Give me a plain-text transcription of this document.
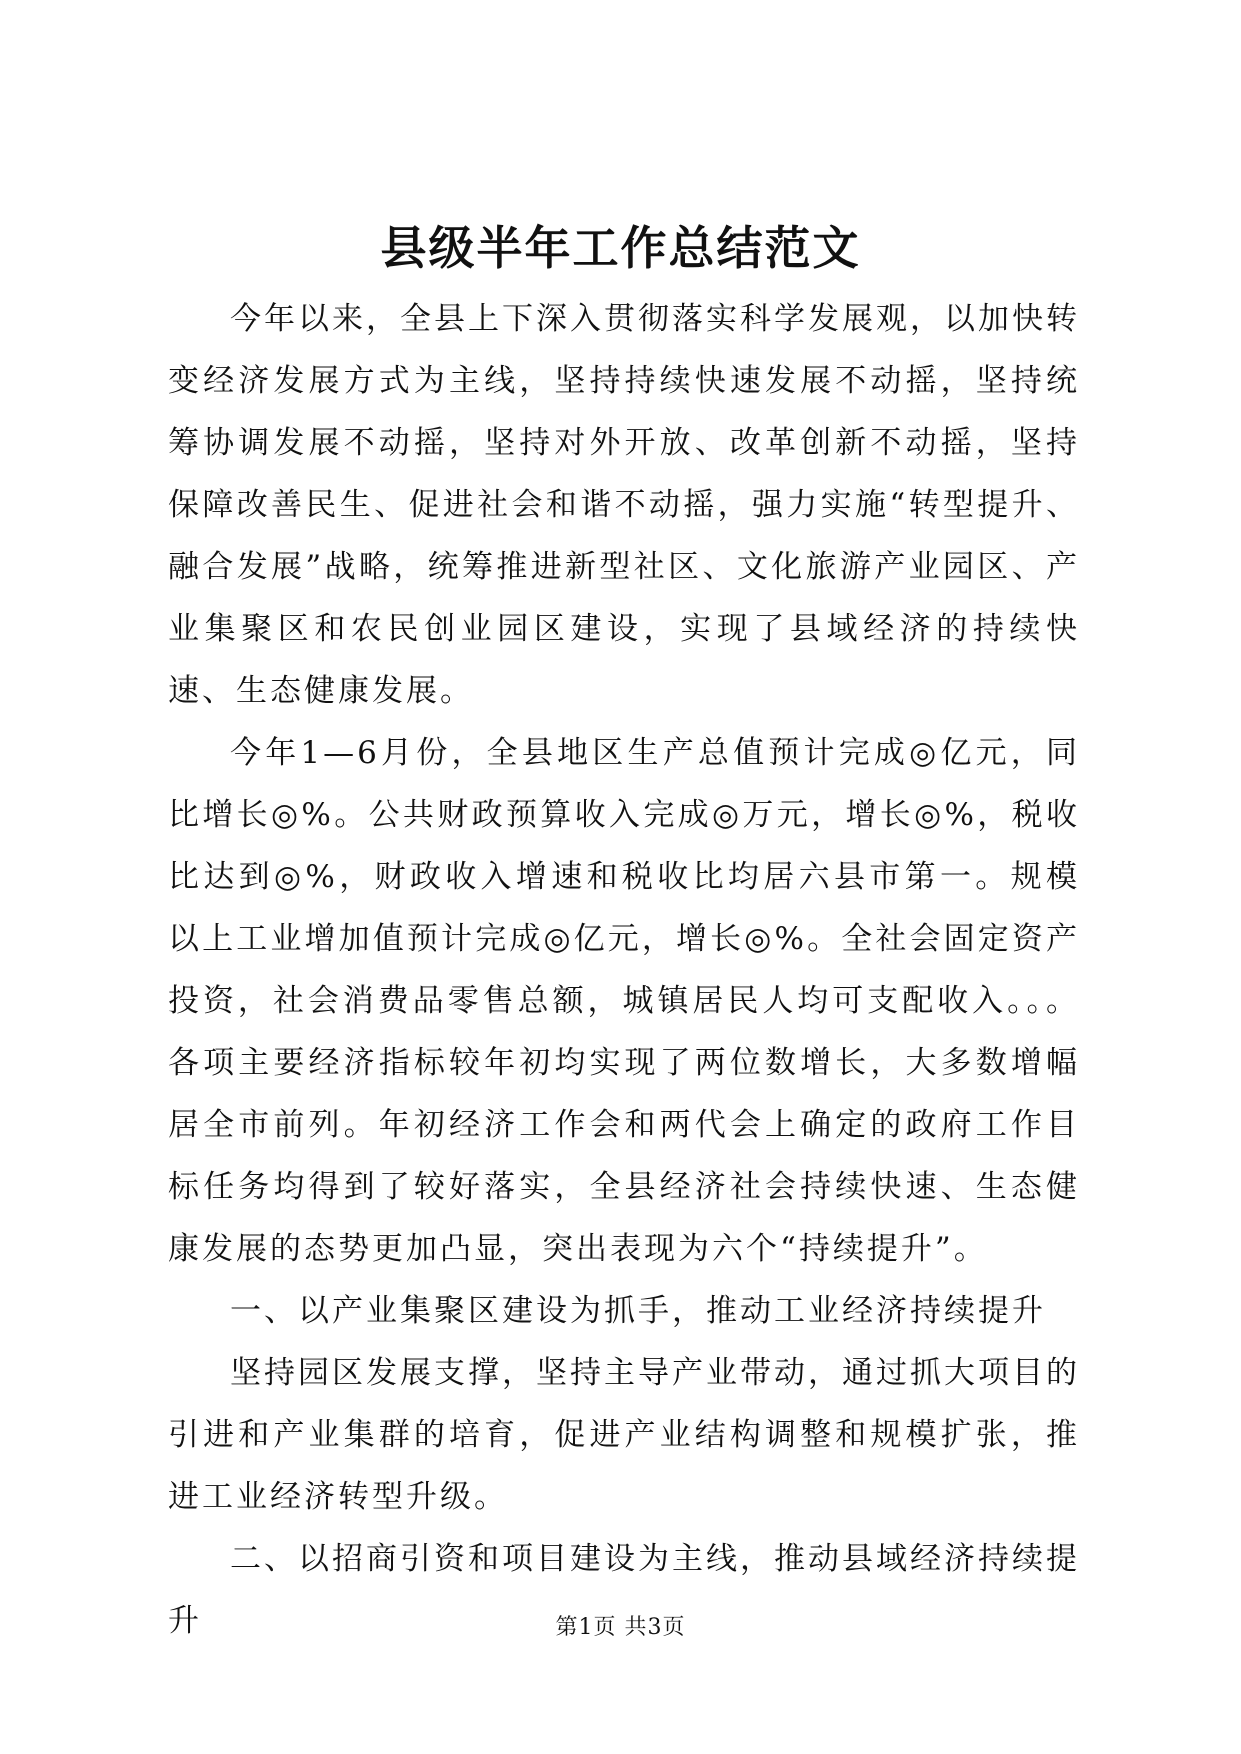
县级半年工作总结范文

今年以来，全县上下深入贯彻落实科学发展观，以加快转变经济发展方式为主线，坚持持续快速发展不动摇，坚持统筹协调发展不动摇，坚持对外开放、改革创新不动摇，坚持保障改善民生、促进社会和谐不动摇，强力实施“转型提升、融合发展”战略，统筹推进新型社区、文化旅游产业园区、产业集聚区和农民创业园区建设，实现了县域经济的持续快速、生态健康发展。

今年1—6月份，全县地区生产总值预计完成◎亿元，同比增长◎%。公共财政预算收入完成◎万元，增长◎%，税收比达到◎%，财政收入增速和税收比均居六县市第一。规模以上工业增加值预计完成◎亿元，增长◎%。全社会固定资产投资，社会消费品零售总额，城镇居民人均可支配收入。。。各项主要经济指标较年初均实现了两位数增长，大多数增幅居全市前列。年初经济工作会和两代会上确定的政府工作目标任务均得到了较好落实，全县经济社会持续快速、生态健康发展的态势更加凸显，突出表现为六个“持续提升”。

一、以产业集聚区建设为抓手，推动工业经济持续提升

坚持园区发展支撑，坚持主导产业带动，通过抓大项目的引进和产业集群的培育，促进产业结构调整和规模扩张，推进工业经济转型升级。

二、以招商引资和项目建设为主线，推动县域经济持续提升	第1页 共3页
